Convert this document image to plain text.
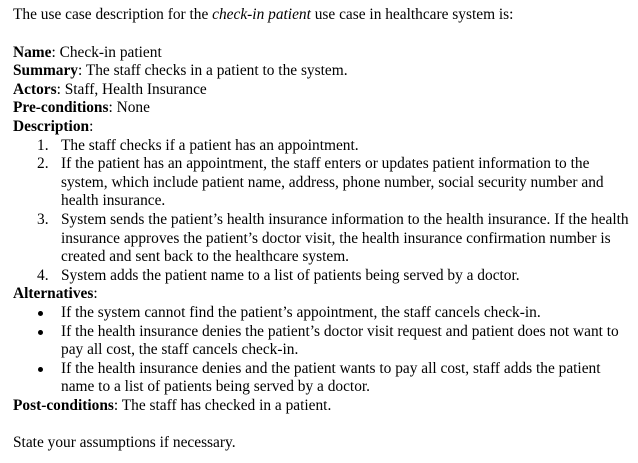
The use case description for the check-in patient use case in healthcare system is:

Name: Check-in patient

Summary: The staff checks in a patient to the system.

Actors: Staff, Health Insurance

Pre-conditions: None

Description:

1. The staff checks if a patient has an appointment.
2. If the patient has an appointment, the staff enters or updates patient information to the system, which include patient name, address, phone number, social security number and health insurance.
3. System sends the patient’s health insurance information to the health insurance. If the health insurance approves the patient’s doctor visit, the health insurance confirmation number is created and sent back to the healthcare system.
4. System adds the patient name to a list of patients being served by a doctor.

Alternatives:

If the system cannot find the patient’s appointment, the staff cancels check-in.
If the health insurance denies the patient’s doctor visit request and patient does not want to pay all cost, the staff cancels check-in.
If the health insurance denies and the patient wants to pay all cost, staff adds the patient name to a list of patients being served by a doctor.

Post-conditions: The staff has checked in a patient.

State your assumptions if necessary.
